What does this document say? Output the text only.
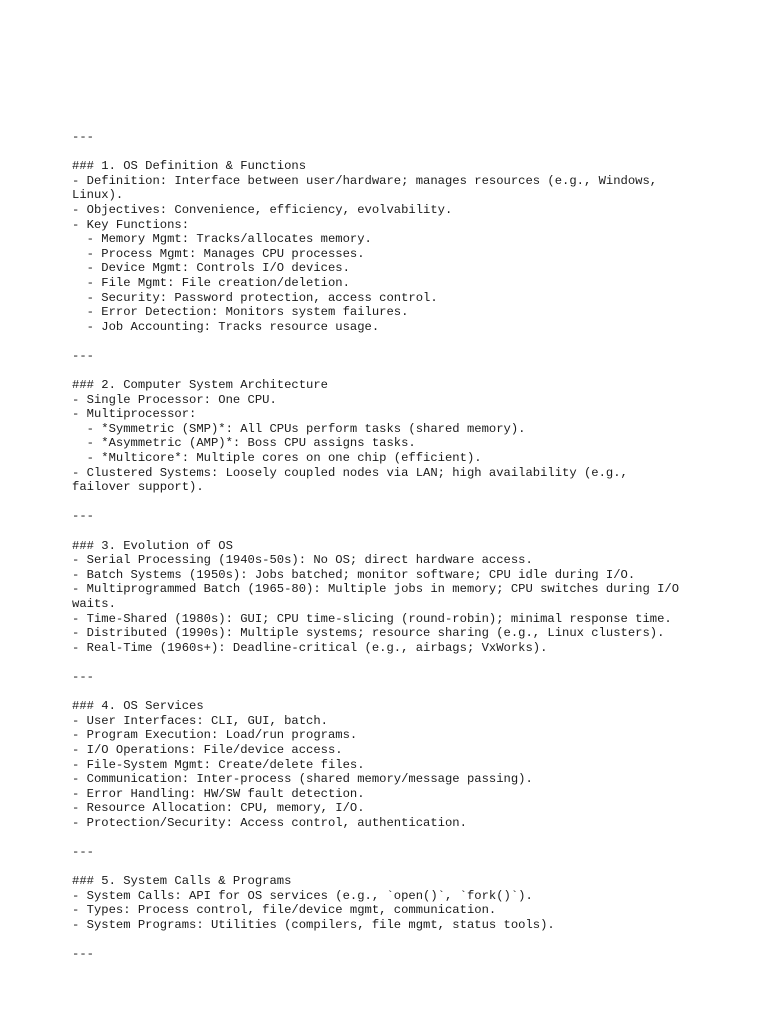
---
### 1. OS Definition & Functions
- Definition: Interface between user/hardware; manages resources (e.g., Windows,
Linux).
- Objectives: Convenience, efficiency, evolvability.
- Key Functions:
- Memory Mgmt: Tracks/allocates memory.
- Process Mgmt: Manages CPU processes.
- Device Mgmt: Controls I/O devices.
- File Mgmt: File creation/deletion.
- Security: Password protection, access control.
- Error Detection: Monitors system failures.
- Job Accounting: Tracks resource usage.
---
### 2. Computer System Architecture
- Single Processor: One CPU.
- Multiprocessor:
- *Symmetric (SMP)*: All CPUs perform tasks (shared memory).
- *Asymmetric (AMP)*: Boss CPU assigns tasks.
- *Multicore*: Multiple cores on one chip (efficient).
- Clustered Systems: Loosely coupled nodes via LAN; high availability (e.g.,
failover support).
---
### 3. Evolution of OS
- Serial Processing (1940s-50s): No OS; direct hardware access.
- Batch Systems (1950s): Jobs batched; monitor software; CPU idle during I/O.
- Multiprogrammed Batch (1965-80): Multiple jobs in memory; CPU switches during I/O
waits.
- Time-Shared (1980s): GUI; CPU time-slicing (round-robin); minimal response time.
- Distributed (1990s): Multiple systems; resource sharing (e.g., Linux clusters).
- Real-Time (1960s+): Deadline-critical (e.g., airbags; VxWorks).
---
### 4. OS Services
- User Interfaces: CLI, GUI, batch.
- Program Execution: Load/run programs.
- I/O Operations: File/device access.
- File-System Mgmt: Create/delete files.
- Communication: Inter-process (shared memory/message passing).
- Error Handling: HW/SW fault detection.
- Resource Allocation: CPU, memory, I/O.
- Protection/Security: Access control, authentication.
---
### 5. System Calls & Programs
- System Calls: API for OS services (e.g., `open()`, `fork()`).
- Types: Process control, file/device mgmt, communication.
- System Programs: Utilities (compilers, file mgmt, status tools).
---
